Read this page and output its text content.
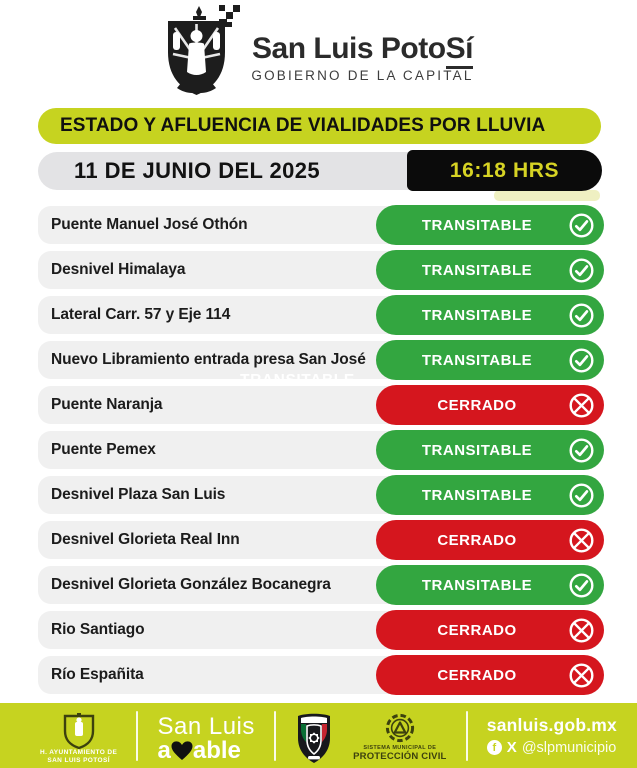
San Luis PotoSí
GOBIERNO DE LA CAPITAL
ESTADO Y AFLUENCIA DE VIALIDADES POR LLUVIA
11 DE JUNIO DEL 2025	16:18 HRS
Puente Manuel José Othón	TRANSITABLE
Desnivel Himalaya	TRANSITABLE
Lateral Carr. 57 y Eje 114	TRANSITABLE
Nuevo Libramiento entrada presa San José	TRANSITABLE
Puente Naranja	CERRADO
Puente Pemex	TRANSITABLE
Desnivel Plaza San Luis	TRANSITABLE
Desnivel Glorieta Real Inn	CERRADO
Desnivel Glorieta González Bocanegra	TRANSITABLE
Rio Santiago	CERRADO
Río Españita	CERRADO
TRANSITABLE
H. AYUNTAMIENTO DE
SAN LUIS POTOSÍ
San Luis
a able	SISTEMA MUNICIPAL DE
PROTECCIÓN CIVIL
sanluis.gob.mx
f X @slpmunicipio
